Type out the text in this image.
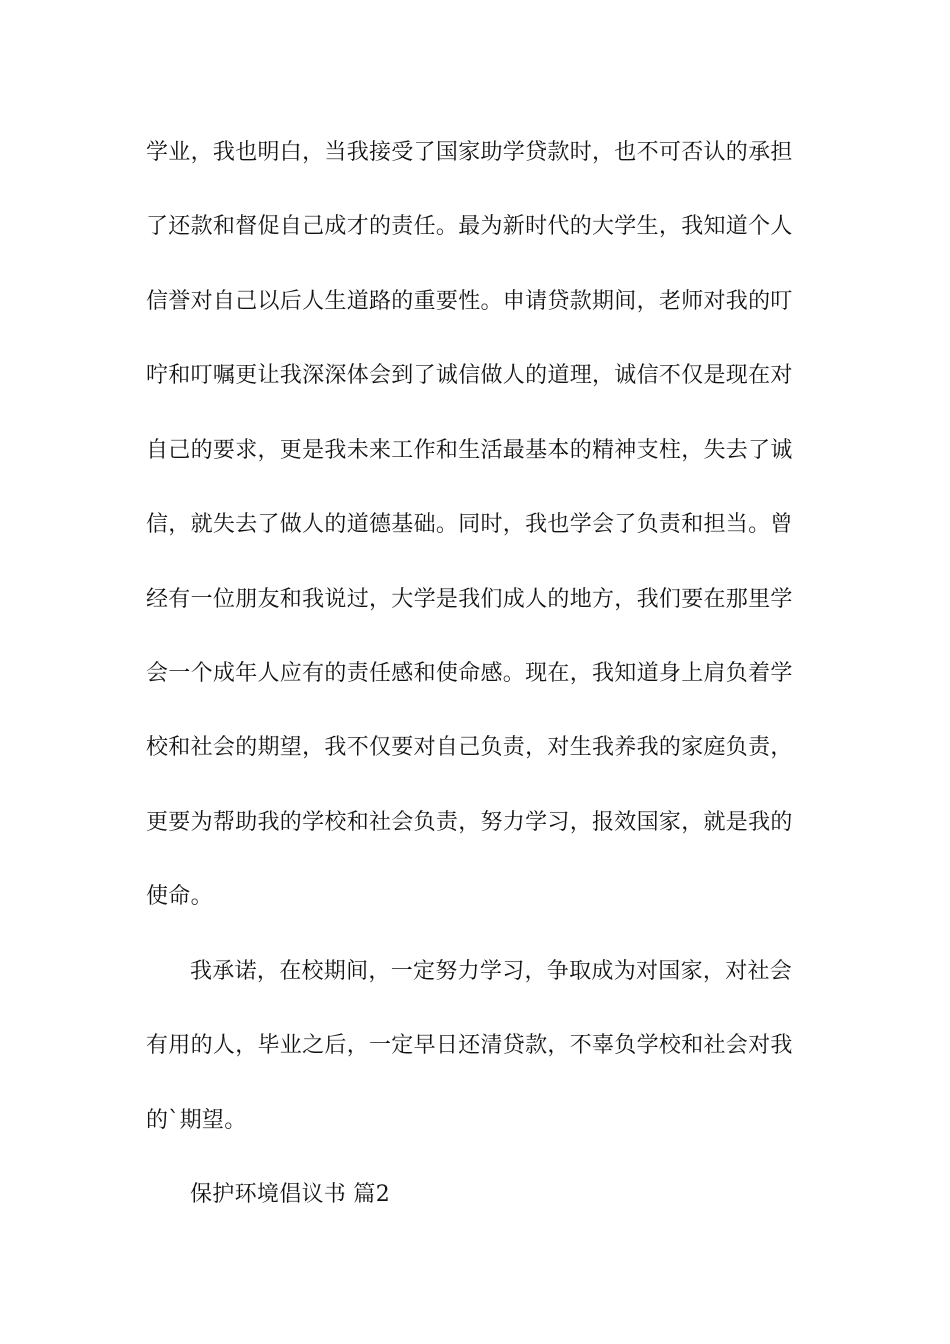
学业，我也明白，当我接受了国家助学贷款时，也不可否认的承担
了还款和督促自己成才的责任。最为新时代的大学生，我知道个人
信誉对自己以后人生道路的重要性。申请贷款期间，老师对我的叮
咛和叮嘱更让我深深体会到了诚信做人的道理，诚信不仅是现在对
自己的要求，更是我未来工作和生活最基本的精神支柱，失去了诚
信，就失去了做人的道德基础。同时，我也学会了负责和担当。曾
经有一位朋友和我说过，大学是我们成人的地方，我们要在那里学
会一个成年人应有的责任感和使命感。现在，我知道身上肩负着学
校和社会的期望，我不仅要对自己负责，对生我养我的家庭负责，
更要为帮助我的学校和社会负责，努力学习，报效国家，就是我的
使命。
我承诺，在校期间，一定努力学习，争取成为对国家，对社会
有用的人，毕业之后，一定早日还清贷款，不辜负学校和社会对我
的`期望。
保护环境倡议书 篇2
